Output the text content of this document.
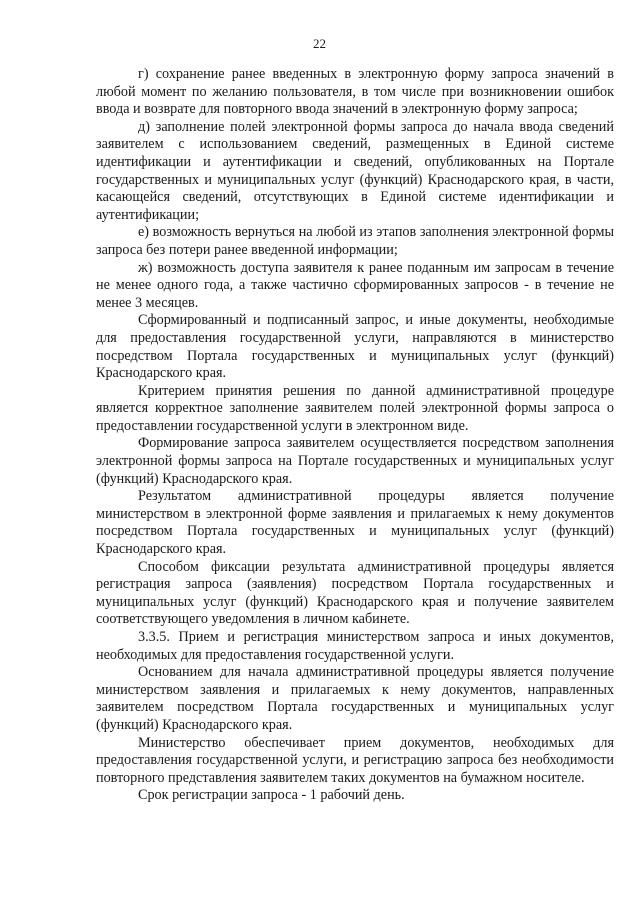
22

г) сохранение ранее введенных в электронную форму запроса значений в любой момент по желанию пользователя, в том числе при возникновении ошибок ввода и возврате для повторного ввода значений в электронную форму запроса;

д) заполнение полей электронной формы запроса до начала ввода сведений заявителем с использованием сведений, размещенных в Единой системе идентификации и аутентификации и сведений, опубликованных на Портале государственных и муниципальных услуг (функций) Краснодарского края, в части, касающейся сведений, отсутствующих в Единой системе идентификации и аутентификации;

е) возможность вернуться на любой из этапов заполнения электронной формы запроса без потери ранее введенной информации;

ж) возможность доступа заявителя к ранее поданным им запросам в течение не менее одного года, а также частично сформированных запросов - в течение не менее 3 месяцев.

Сформированный и подписанный запрос, и иные документы, необходимые для предоставления государственной услуги, направляются в министерство посредством Портала государственных и муниципальных услуг (функций) Краснодарского края.

Критерием принятия решения по данной административной процедуре является корректное заполнение заявителем полей электронной формы запроса о предоставлении государственной услуги в электронном виде.

Формирование запроса заявителем осуществляется посредством заполнения электронной формы запроса на Портале государственных и муниципальных услуг (функций) Краснодарского края.

Результатом административной процедуры является получение министерством в электронной форме заявления и прилагаемых к нему документов посредством Портала государственных и муниципальных услуг (функций) Краснодарского края.

Способом фиксации результата административной процедуры является регистрация запроса (заявления) посредством Портала государственных и муниципальных услуг (функций) Краснодарского края и получение заявителем соответствующего уведомления в личном кабинете.

3.3.5. Прием и регистрация министерством запроса и иных документов, необходимых для предоставления государственной услуги.

Основанием для начала административной процедуры является получение министерством заявления и прилагаемых к нему документов, направленных заявителем посредством Портала государственных и муниципальных услуг (функций) Краснодарского края.

Министерство обеспечивает прием документов, необходимых для предоставления государственной услуги, и регистрацию запроса без необходимости повторного представления заявителем таких документов на бумажном носителе.

Срок регистрации запроса - 1 рабочий день.
